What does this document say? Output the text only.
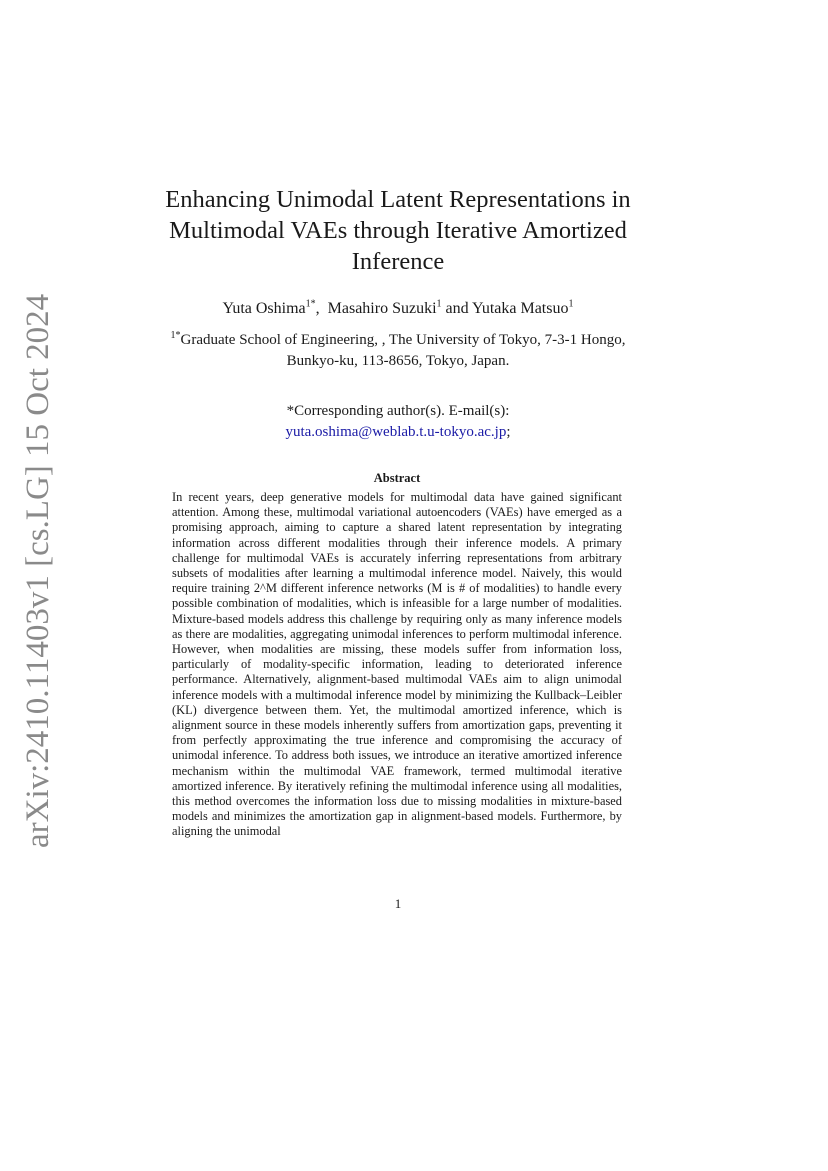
arXiv:2410.11403v1 [cs.LG] 15 Oct 2024
Enhancing Unimodal Latent Representations in Multimodal VAEs through Iterative Amortized Inference
Yuta Oshima$^{1*}$,  Masahiro Suzuki$^1$ and Yutaka Matsuo$^1$
$^{1*}$Graduate School of Engineering, , The University of Tokyo, 7-3-1 Hongo, Bunkyo-ku, 113-8656, Tokyo, Japan.
*Corresponding author(s). E-mail(s):
yuta.oshima@weblab.t.u-tokyo.ac.jp;
Abstract

In recent years, deep generative models for multimodal data have gained significant attention. Among these, multimodal variational autoencoders (VAEs) have emerged as a promising approach, aiming to capture a shared latent representation by integrating information across different modalities through their inference models. A primary challenge for multimodal VAEs is accurately inferring representations from arbitrary subsets of modalities after learning a multimodal inference model. Naively, this would require training 2^M different inference networks (M is # of modalities) to handle every possible combination of modalities, which is infeasible for a large number of modalities. Mixture-based models address this challenge by requiring only as many inference models as there are modalities, aggregating unimodal inferences to perform multimodal inference. However, when modalities are missing, these models suffer from information loss, particularly of modality-specific information, leading to deteriorated inference performance. Alternatively, alignment-based multimodal VAEs aim to align unimodal inference models with a multimodal inference model by minimizing the Kullback–Leibler (KL) divergence between them. Yet, the multimodal amortized inference, which is alignment source in these models inherently suffers from amortization gaps, preventing it from perfectly approximating the true inference and compromising the accuracy of unimodal inference. To address both issues, we introduce an iterative amortized inference mechanism within the multimodal VAE framework, termed multimodal iterative amortized inference. By iteratively refining the multimodal inference using all modalities, this method overcomes the information loss due to missing modalities in mixture-based models and minimizes the amortization gap in alignment-based models. Furthermore, by aligning the unimodal

1
